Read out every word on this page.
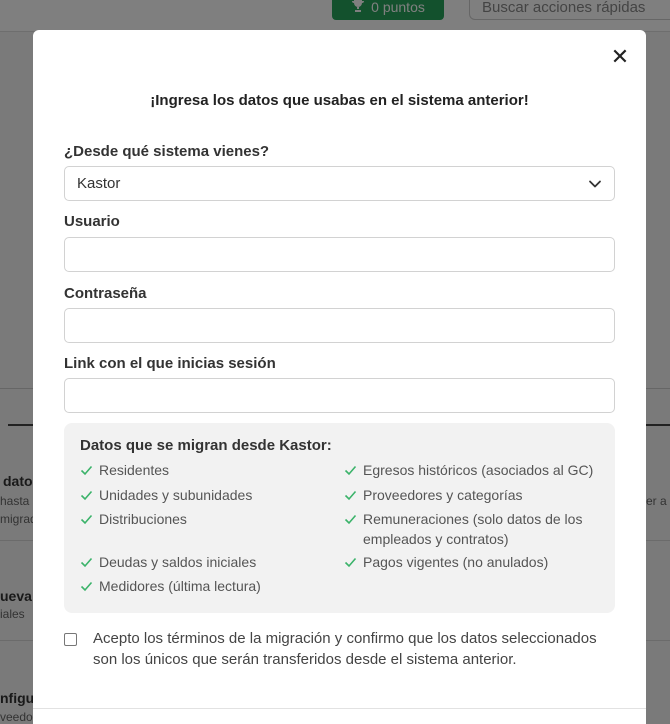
✕
¡Ingresa los datos que usabas en el sistema anterior!
¿Desde qué sistema vienes?
Kastor
Usuario
Contraseña
Link con el que inicias sesión
Datos que se migran desde Kastor:
Residentes
Unidades y subunidades
Distribuciones
Deudas y saldos iniciales
Medidores (última lectura)
Egresos históricos (asociados al GC)
Proveedores y categorías
Remuneraciones (solo datos de los empleados y contratos)
Pagos vigentes (no anulados)
Acepto los términos de la migración y confirmo que los datos seleccionados son los únicos que serán transferidos desde el sistema anterior.
